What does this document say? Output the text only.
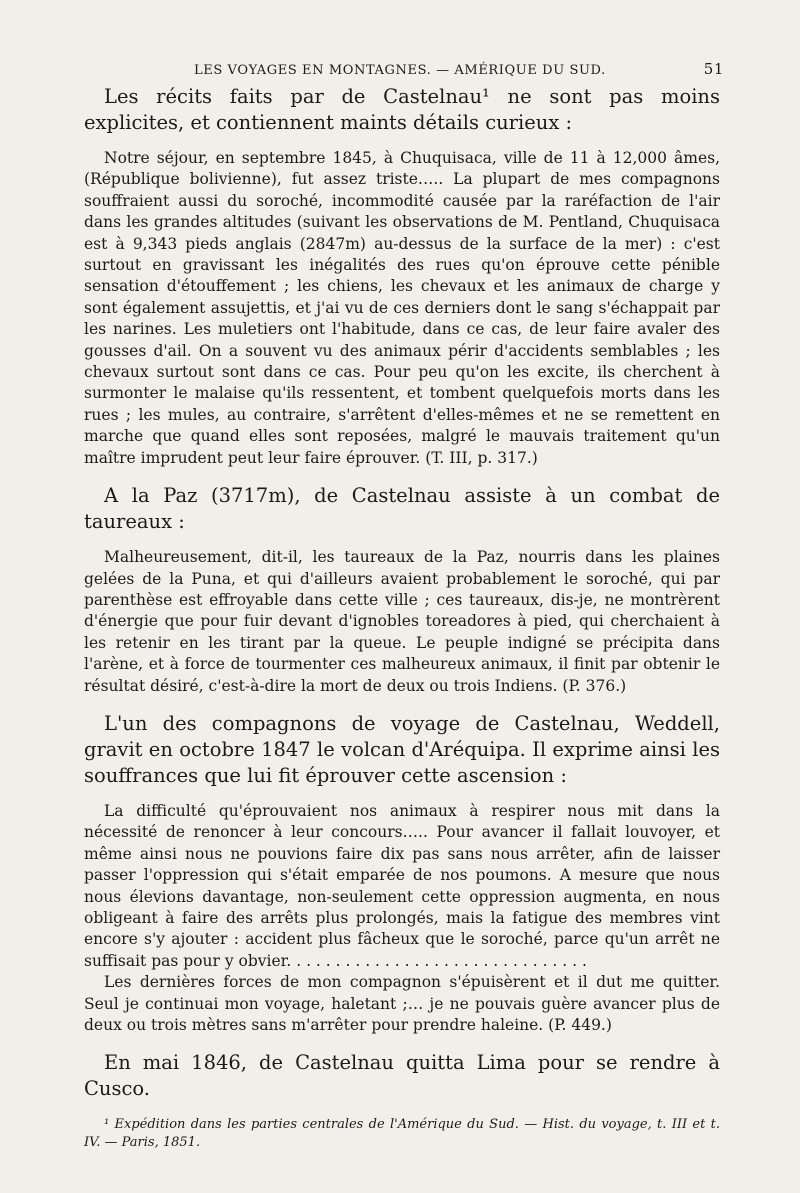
LES VOYAGES EN MONTAGNES. — AMÉRIQUE DU SUD.	51

Les récits faits par de Castelnau¹ ne sont pas moins explicites, et contiennent maints détails curieux :

Notre séjour, en septembre 1845, à Chuquisaca, ville de 11 à 12,000 âmes, (République bolivienne), fut assez triste….. La plupart de mes compagnons souffraient aussi du soroché, incommodité causée par la raréfaction de l'air dans les grandes altitudes (suivant les observations de M. Pentland, Chuquisaca est à 9,343 pieds anglais (2847m) au-dessus de la surface de la mer) : c'est surtout en gravissant les inégalités des rues qu'on éprouve cette pénible sensation d'étouffement ; les chiens, les chevaux et les animaux de charge y sont également assujettis, et j'ai vu de ces derniers dont le sang s'échappait par les narines. Les muletiers ont l'habitude, dans ce cas, de leur faire avaler des gousses d'ail. On a souvent vu des animaux périr d'accidents semblables ; les chevaux surtout sont dans ce cas. Pour peu qu'on les excite, ils cherchent à surmonter le malaise qu'ils ressentent, et tombent quelquefois morts dans les rues ; les mules, au contraire, s'arrêtent d'elles-mêmes et ne se remettent en marche que quand elles sont reposées, malgré le mauvais traitement qu'un maître imprudent peut leur faire éprouver. (T. III, p. 317.)

A la Paz (3717m), de Castelnau assiste à un combat de taureaux :

Malheureusement, dit-il, les taureaux de la Paz, nourris dans les plaines gelées de la Puna, et qui d'ailleurs avaient probablement le soroché, qui par parenthèse est effroyable dans cette ville ; ces taureaux, dis-je, ne montrèrent d'énergie que pour fuir devant d'ignobles toreadores à pied, qui cherchaient à les retenir en les tirant par la queue. Le peuple indigné se précipita dans l'arène, et à force de tourmenter ces malheureux animaux, il finit par obtenir le résultat désiré, c'est-à-dire la mort de deux ou trois Indiens. (P. 376.)

L'un des compagnons de voyage de Castelnau, Weddell, gravit en octobre 1847 le volcan d'Aréquipa. Il exprime ainsi les souffrances que lui fit éprouver cette ascension :

La difficulté qu'éprouvaient nos animaux à respirer nous mit dans la nécessité de renoncer à leur concours….. Pour avancer il fallait louvoyer, et même ainsi nous ne pouvions faire dix pas sans nous arrêter, afin de laisser passer l'oppression qui s'était emparée de nos poumons. A mesure que nous nous élevions davantage, non-seulement cette oppression augmenta, en nous obligeant à faire des arrêts plus prolongés, mais la fatigue des membres vint encore s'y ajouter : accident plus fâcheux que le soroché, parce qu'un arrêt ne suffisait pas pour y obvier. . . . . . . . . . . . . . . . . . . . . . . . . . . . . . .

Les dernières forces de mon compagnon s'épuisèrent et il dut me quitter. Seul je continuai mon voyage, haletant ;… je ne pouvais guère avancer plus de deux ou trois mètres sans m'arrêter pour prendre haleine. (P. 449.)

En mai 1846, de Castelnau quitta Lima pour se rendre à Cusco.

¹ Expédition dans les parties centrales de l'Amérique du Sud. — Hist. du voyage, t. III et t. IV. — Paris, 1851.
